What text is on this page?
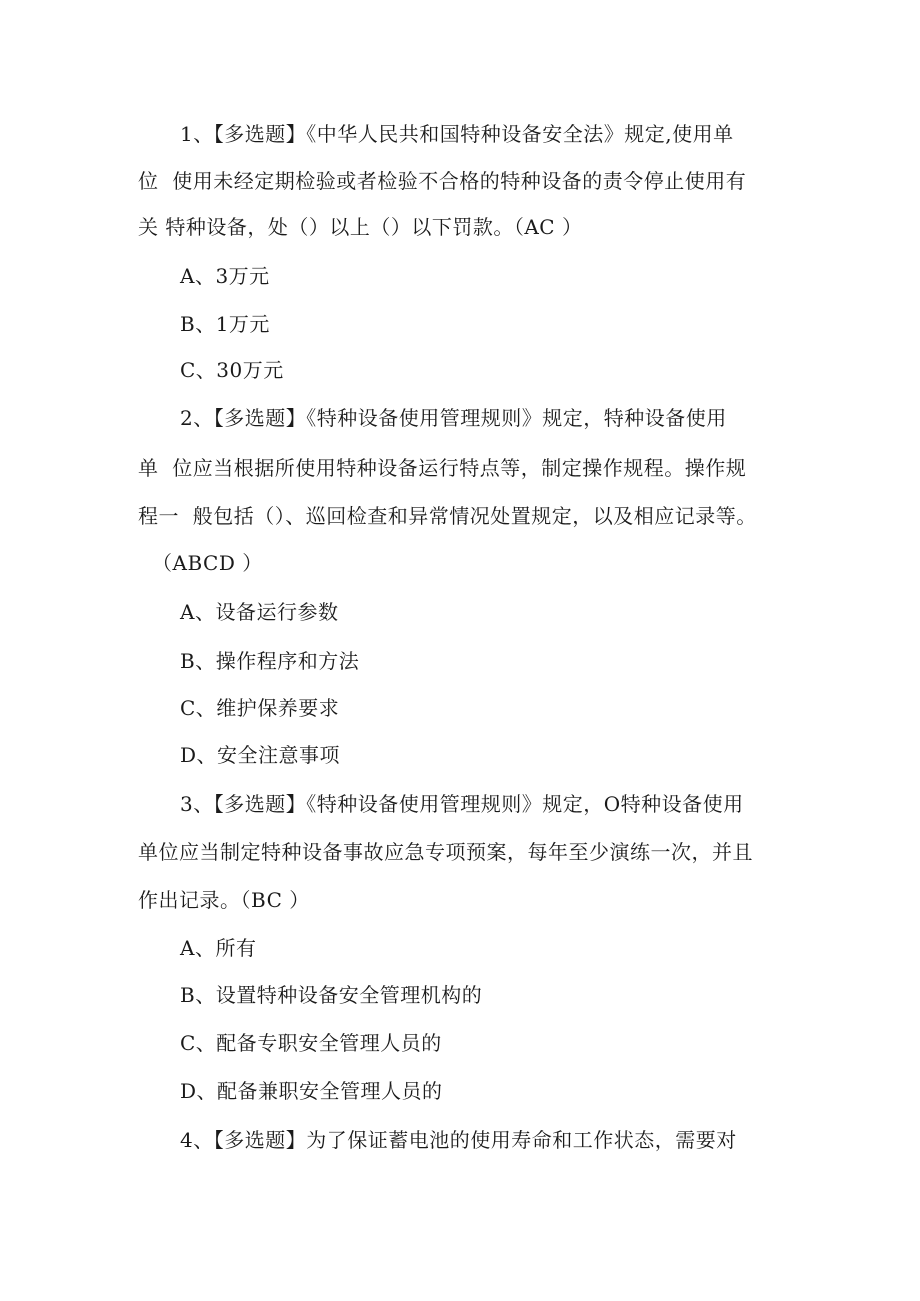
1、【多选题】《中华人民共和国特种设备安全法》规定,使用单
位  使用未经定期检验或者检验不合格的特种设备的责令停止使用有
关 特种设备，处（）以上（）以下罚款。（AC ）
A、3万元
B、1万元
C、30万元
2、【多选题】《特种设备使用管理规则》规定，特种设备使用
单  位应当根据所使用特种设备运行特点等，制定操作规程。操作规
程一  般包括（）、巡回检查和异常情况处置规定，以及相应记录等。
（ABCD ）
A、设备运行参数
B、操作程序和方法
C、维护保养要求
D、安全注意事项
3、【多选题】《特种设备使用管理规则》规定，O特种设备使用
单位应当制定特种设备事故应急专项预案，每年至少演练一次，并且
作出记录。（BC ）
A、所有
B、设置特种设备安全管理机构的
C、配备专职安全管理人员的
D、配备兼职安全管理人员的
4、【多选题】为了保证蓄电池的使用寿命和工作状态，需要对
